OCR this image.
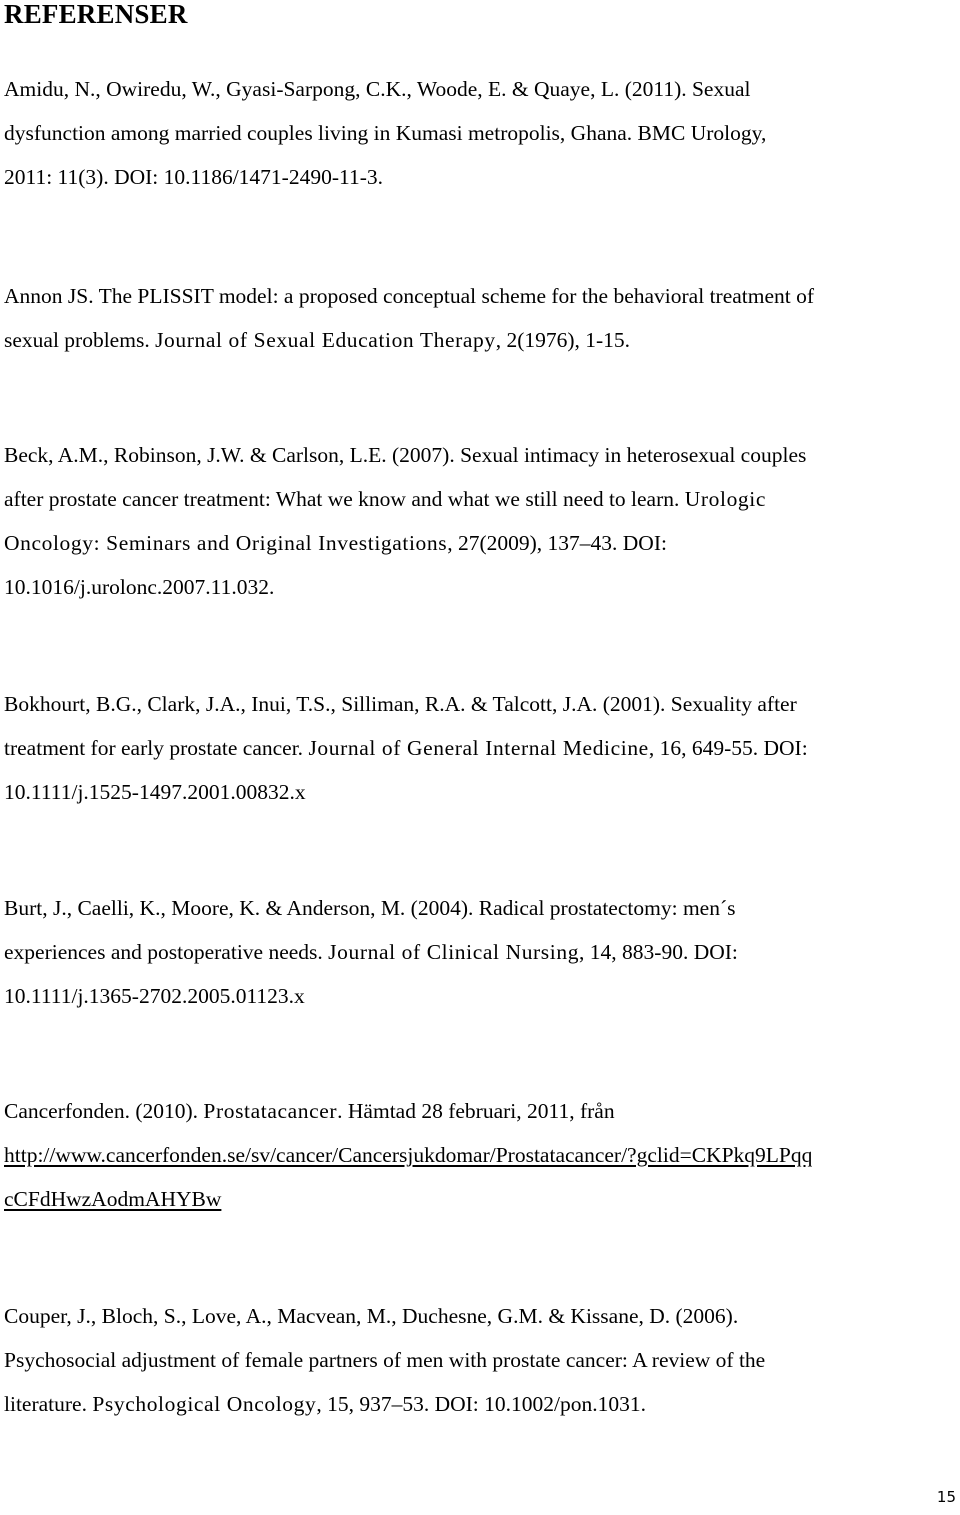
REFERENSER

Amidu, N., Owiredu, W., Gyasi-Sarpong, C.K., Woode, E. & Quaye, L. (2011). Sexual
dysfunction among married couples living in Kumasi metropolis, Ghana. BMC Urology,
2011: 11(3). DOI: 10.1186/1471-2490-11-3.

Annon JS. The PLISSIT model: a proposed conceptual scheme for the behavioral treatment of
sexual problems. Journal of Sexual Education Therapy, 2(1976), 1-15.

Beck, A.M., Robinson, J.W. & Carlson, L.E. (2007). Sexual intimacy in heterosexual couples
after prostate cancer treatment: What we know and what we still need to learn. Urologic
Oncology: Seminars and Original Investigations, 27(2009), 137–43. DOI:
10.1016/j.urolonc.2007.11.032.

Bokhourt, B.G., Clark, J.A., Inui, T.S., Silliman, R.A. & Talcott, J.A. (2001). Sexuality after
treatment for early prostate cancer. Journal of General Internal Medicine, 16, 649-55. DOI:
10.1111/j.1525-1497.2001.00832.x

Burt, J., Caelli, K., Moore, K. & Anderson, M. (2004). Radical prostatectomy: men´s
experiences and postoperative needs. Journal of Clinical Nursing, 14, 883-90. DOI:
10.1111/j.1365-2702.2005.01123.x

Cancerfonden. (2010). Prostatacancer. Hämtad 28 februari, 2011, från
http://www.cancerfonden.se/sv/cancer/Cancersjukdomar/Prostatacancer/?gclid=CKPkq9LPqq
cCFdHwzAodmAHYBw

Couper, J., Bloch, S., Love, A., Macvean, M., Duchesne, G.M. & Kissane, D. (2006).
Psychosocial adjustment of female partners of men with prostate cancer: A review of the
literature. Psychological Oncology, 15, 937–53. DOI: 10.1002/pon.1031.

15
